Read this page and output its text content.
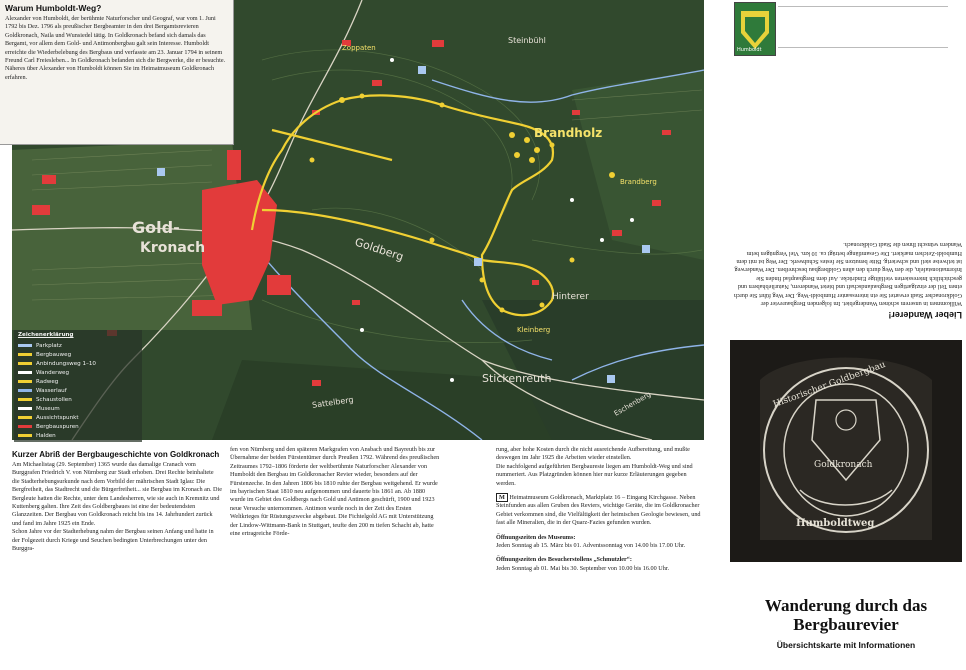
Gold-
Kronach
Brandholz
Goldberg
Steinbühl
Stickenreuth
Sattelberg
Hinterer
Eschenberg
Zoppaten
Brandberg
Kleinberg
Warum Humboldt-Weg?
Alexander von Humboldt, der berühmte Naturforscher und Geograf, war vom 1. Juni 1792 bis Dez. 1796 als preußischer Bergbeamter in den drei Bergamtsrevieren Goldkronach, Naila und Wunsiedel tätig. In Goldkronach befand sich damals das Bergamt, vor allem dem Gold- und Antimonbergbau galt sein Interesse. Humboldt erreichte die Wiederbelebung des Bergbaus und verfasste am 23. Januar 1794 in seinem Freund Carl Freiesleben... In Goldkronach befanden sich die Bergwerke, die er besuchte. Näheres über Alexander von Humboldt können Sie im Heimatmuseum Goldkronach erfahren.
Zeichenerklärung
Parkplatz
Bergbauweg
Anbindungsweg 1–10
Wanderweg
Radweg
Wasserlauf
Schaustollen
Museum
Aussichtspunkt
Bergbauspuren
Halden
Kurzer Abriß der Bergbaugeschichte von Goldkronach
Am Michaelistag (29. September) 1365 wurde das damalige Cranach vom Burggrafen Friedrich V. von Nürnberg zur Stadt erhoben. Drei Rechte beinhaltete die Stadterhebungsurkunde nach dem Vorbild der mährischen Stadt Iglau: Die Bergfreiheit, das Stadtrecht und die Bürgerfreiheit... sie Bergbau im Kronach an. Die Bergleute hatten die Rechte, unter dem Landesherren, wie sie auch in Kremnitz und Kuttenberg galten. Ihre Zeit des Goldbergbaues ist eine der bedeutendsten Glanzzeiten. Der Bergbau von Goldkronach reicht bis ins 14. Jahrhundert zurück und fand im Jahre 1925 ein Ende.
Schon Jahre vor der Stadterhebung nahm der Bergbau seinen Anfang und hatte in der Folgezeit durch Kriege und Seuchen bedingten Unterbrechungen unter den Burggra-
fen von Nürnberg und den späteren Markgrafen von Ansbach und Bayreuth bis zur Übernahme der beiden Fürstentümer durch Preußen 1792. Während des preußischen Zeitraumes 1792–1806 förderte der weltberühmte Naturforscher Alexander von Humboldt den Bergbau im Goldkronacher Revier wieder, besonders auf der Fürstenzeche. In den Jahren 1806 bis 1810 ruhte der Bergbau weitgehend. Er wurde im bayrischen Staat 1810 neu aufgenommen und dauerte bis 1861 an. Ab 1880 wurde im Gebiet des Goldbergs nach Gold und Antimon geschürft, 1900 und 1923 neue Versuche unternommen. Antimon wurde noch in der Zeit des Ersten Weltkrieges für Rüstungszwecke abgebaut. Die Fichtelgold AG mit Unterstützung der Lindow-Wittmann-Bank in Stuttgart, teufte den 200 m tiefen Schacht ab, hatte eine ertragreiche Förde-
rung, aber hohe Kosten durch die nicht ausreichende Aufbereitung, und mußte deswegen im Jahr 1925 die Arbeiten wieder einstellen.
Die nachfolgend aufgeführten Bergbaureste liegen am Humboldt-Weg und sind nummeriert. Aus Platzgründen können hier nur kurze Erläuterungen gegeben werden.
M Heimatmuseum Goldkronach, Marktplatz 16 – Eingang Kirchgasse. Neben Steinfunden aus allen Gruben des Reviers, wichtige Geräte, die im Goldkronacher Gebiet verkommen sind, die Vielfältigkeit der heimischen Geologie bewiesen, und fast alle Mineralien, die in der Quarz-Fazies gefunden wurden.
Öffnungszeiten des Museums:
Jeden Sonntag ab 15. März bis 01. Adventssonntag von 14.00 bis 17.00 Uhr.
Öffnungszeiten des Besucherstollens „Schmutzler“:
Jeden Sonntag ab 01. Mai bis 30. September von 10.00 bis 16.00 Uhr.
Humboldt
Lieber Wanderer!
Willkommen in unserem schönen Wandergebiet. Im folgenden Bergbaurevier der Goldkronacher Stadt erwartet Sie ein interessanter Humboldt-Weg. Der Weg führt Sie durch einen Teil der einzigartigen Bergbaulandschaft und bietet Wanderern, Naturliebhabern und geschichtlich Interessierten vielfältige Eindrücke. Auf dem Bergbaupfad finden Sie Informationstafeln, die den Weg durch den alten Goldbergbau beschreiben. Der Wanderweg ist teilweise steil und schwierig. Bitte benutzen Sie festes Schuhwerk. Der Weg ist mit dem Humboldt-Zeichen markiert. Die Gesamtlänge beträgt ca. 10 km. Viel Vergnügen beim Wandern wünscht Ihnen die Stadt Goldkronach.
Historischer Goldbergbau
Goldkronach
Humboldtweg
Wanderung durch das Bergbaurevier
Übersichtskarte mit Informationen
